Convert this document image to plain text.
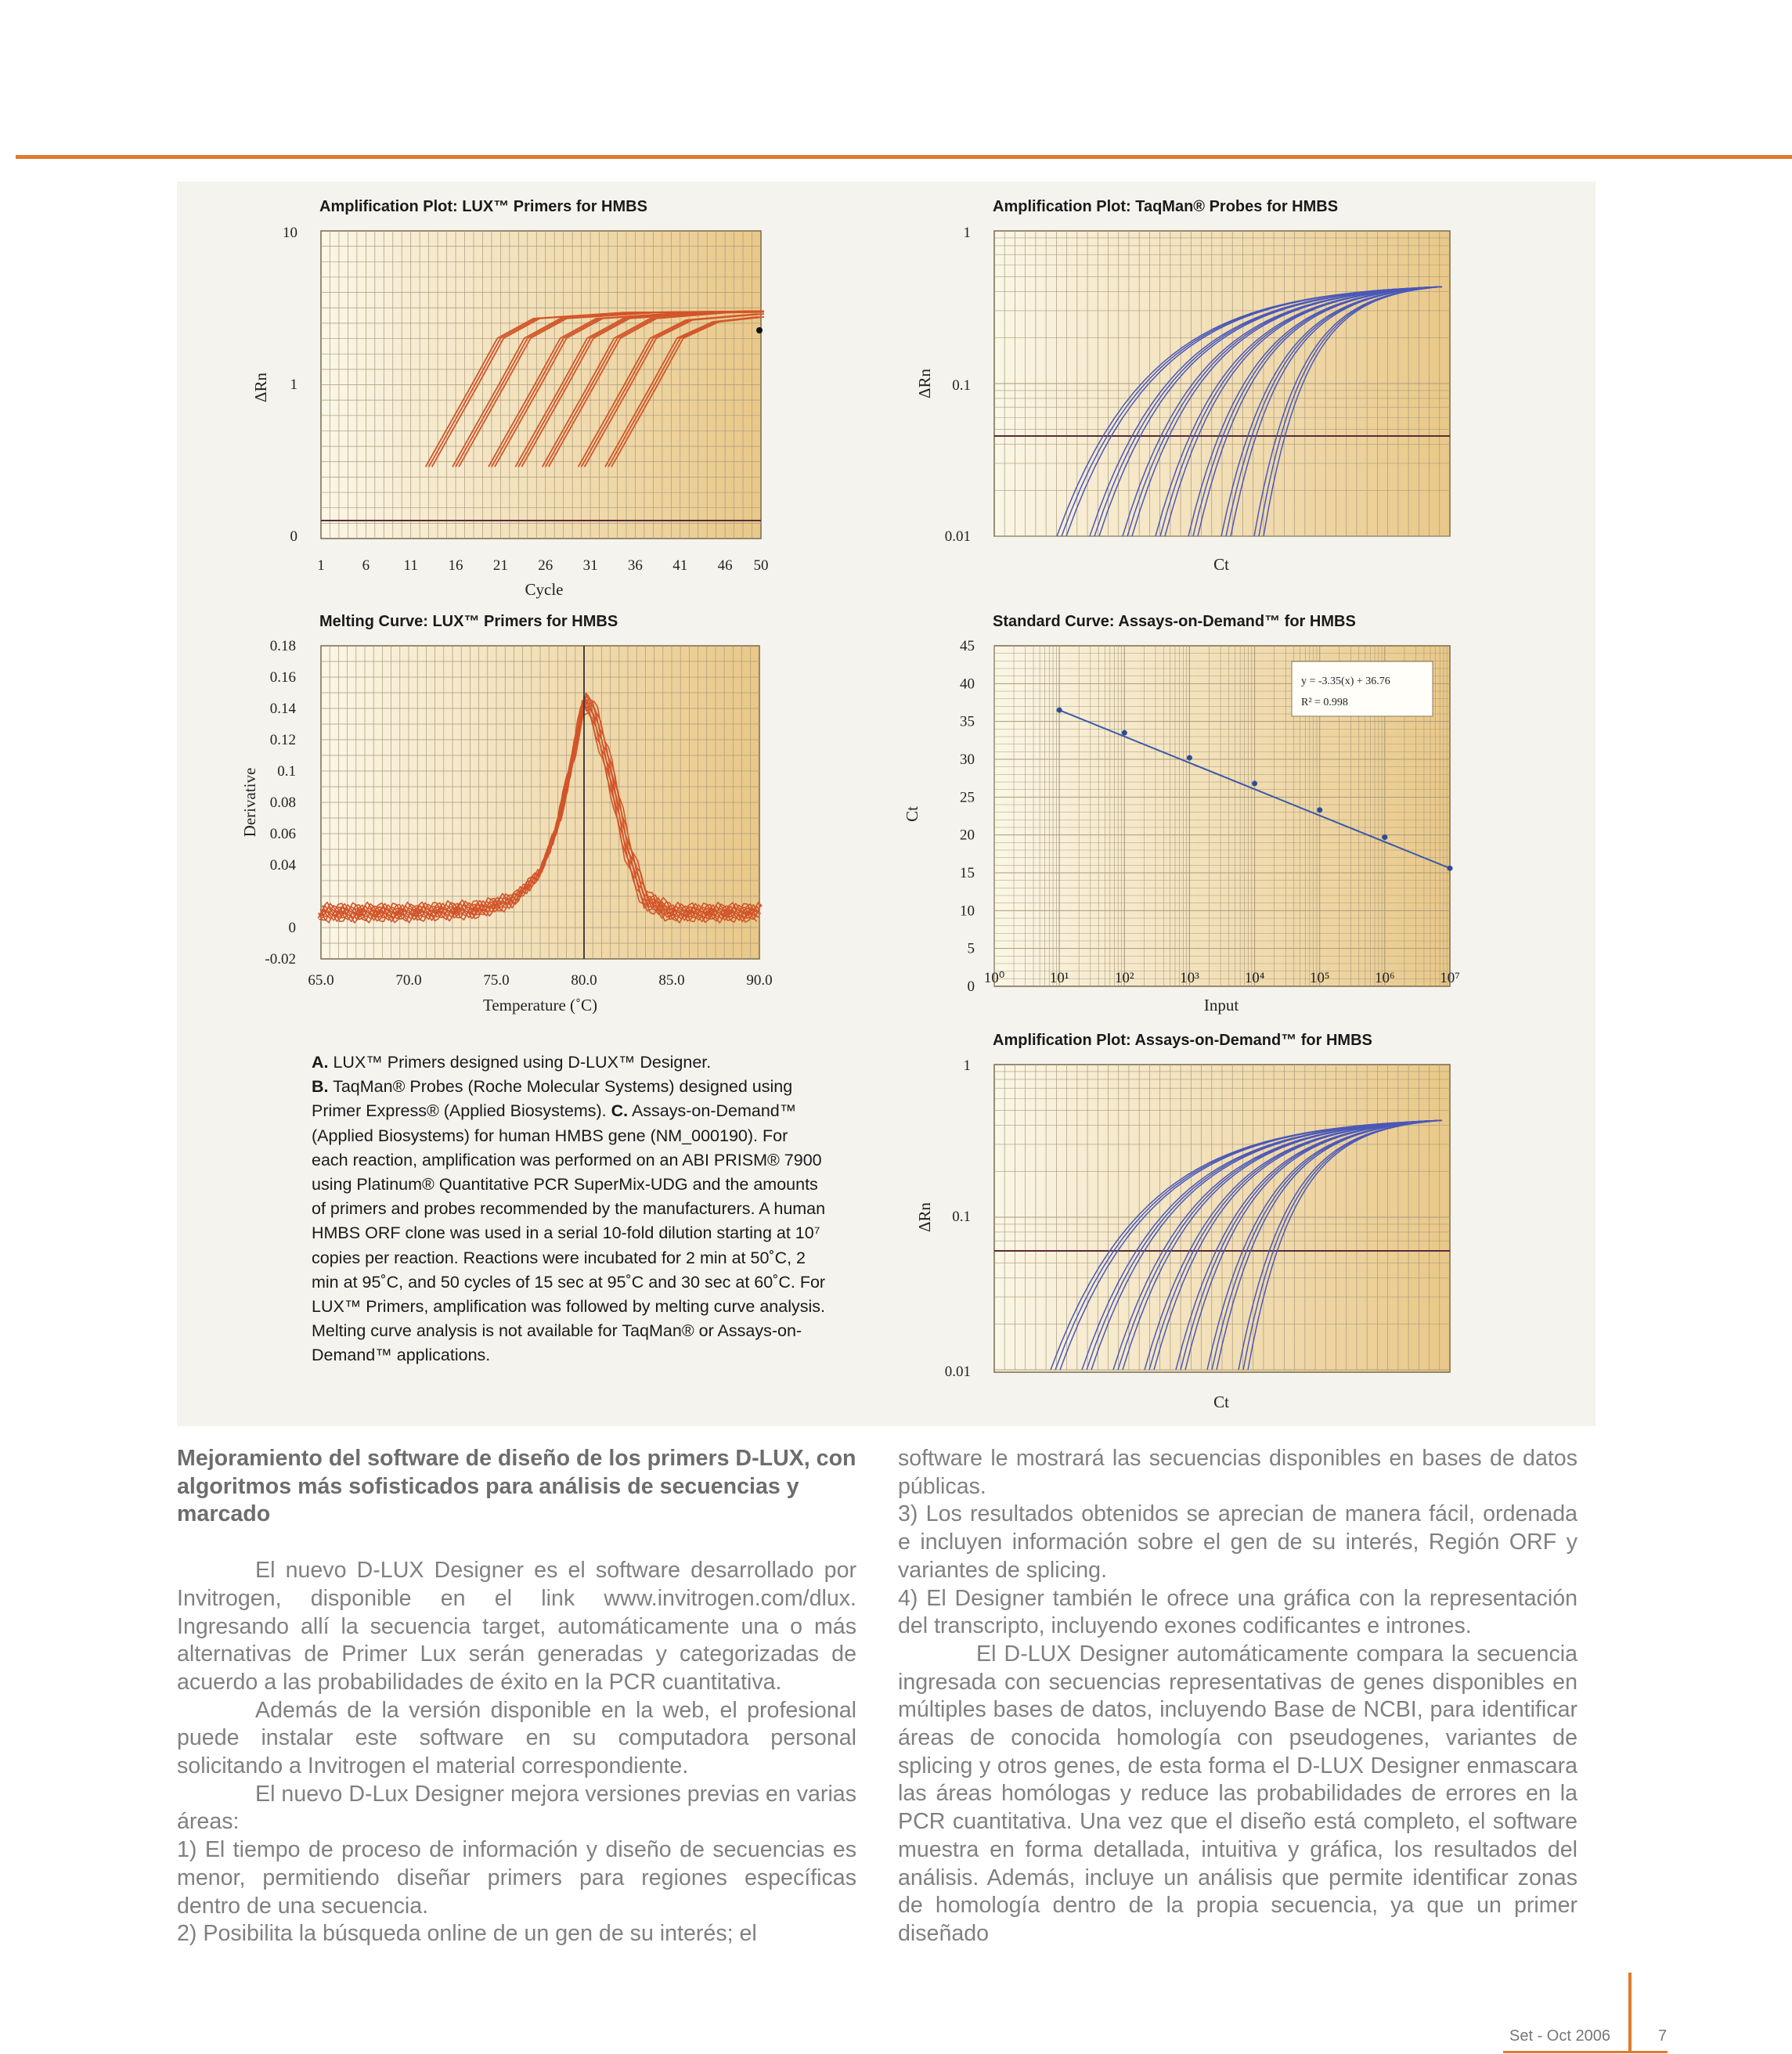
Amplification Plot: LUX™ Primers for HMBS
10
1
0
ΔRn
1	6 11 16 21 26 31 36 41 46 50
Cycle
Amplification Plot: TaqMan® Probes for HMBS
1
0.1
0.01
ΔRn
Ct
Melting Curve: LUX™ Primers for HMBS
0.18
0.16
0.14
0.12
0.1
0.08
0.06
0.04
0
-0.02
Derivative
65.0	70.0	75.0	80.0	85.0	90.0
Temperature (˚C)
Standard Curve: Assays-on-Demand™ for HMBS
y = -3.35(x) + 36.76
R² = 0.998
45
40
35
30
25
20
15
10
5
0
Ct
10⁰	10¹	10²	10³	10⁴	10⁵	10⁶	10⁷
Input
Amplification Plot: Assays-on-Demand™ for HMBS
1
0.1
0.01
ΔRn
Ct
A. LUX™ Primers designed using D-LUX™ Designer.
B. TaqMan® Probes (Roche Molecular Systems) designed using Primer Express® (Applied Biosystems). C. Assays-on-Demand™ (Applied Biosystems) for human HMBS gene (NM_000190). For each reaction, amplification was performed on an ABI PRISM® 7900 using Platinum® Quantitative PCR SuperMix-UDG and the amounts of primers and probes recommended by the manufacturers. A human HMBS ORF clone was used in a serial 10-fold dilution starting at 10⁷ copies per reaction. Reactions were incubated for 2 min at 50˚C, 2 min at 95˚C, and 50 cycles of 15 sec at 95˚C and 30 sec at 60˚C. For LUX™ Primers, amplification was followed by melting curve analysis. Melting curve analysis is not available for TaqMan® or Assays-on-Demand™ applications.

Mejoramiento del software de diseño de los primers D-LUX, con algoritmos más sofisticados para análisis de secuencias y marcado

El nuevo D-LUX Designer es el software desarrollado por Invitrogen, disponible en el link www.invitrogen.com/dlux. Ingresando allí la secuencia target, automáticamente una o más alternativas de Primer Lux serán generadas y categorizadas de acuerdo a las probabilidades de éxito en la PCR cuantitativa.

Además de la versión disponible en la web, el profesional puede instalar este software en su computadora personal solicitando a Invitrogen el material correspondiente.

El nuevo D-Lux Designer mejora versiones previas en varias áreas:

1) El tiempo de proceso de información y diseño de secuencias es menor, permitiendo diseñar primers para regiones específicas dentro de una secuencia.

2) Posibilita la búsqueda online de un gen de su interés; el

software le mostrará las secuencias disponibles en bases de datos públicas.

3) Los resultados obtenidos se aprecian de manera fácil, ordenada e incluyen información sobre el gen de su interés, Región ORF y variantes de splicing.

4) El Designer también le ofrece una gráfica con la representación del transcripto, incluyendo exones codificantes e intrones.

El D-LUX Designer automáticamente compara la secuencia ingresada con secuencias representativas de genes disponibles en múltiples bases de datos, incluyendo Base de NCBI, para identificar áreas de conocida homología con pseudogenes, variantes de splicing y otros genes, de esta forma el D-LUX Designer enmascara las áreas homólogas y reduce las probabilidades de errores en la PCR cuantitativa. Una vez que el diseño está completo, el software muestra en forma detallada, intuitiva y gráfica, los resultados del análisis. Además, incluye un análisis que permite identificar zonas de homología dentro de la propia secuencia, ya que un primer diseñado

Set - Oct 2006	7
